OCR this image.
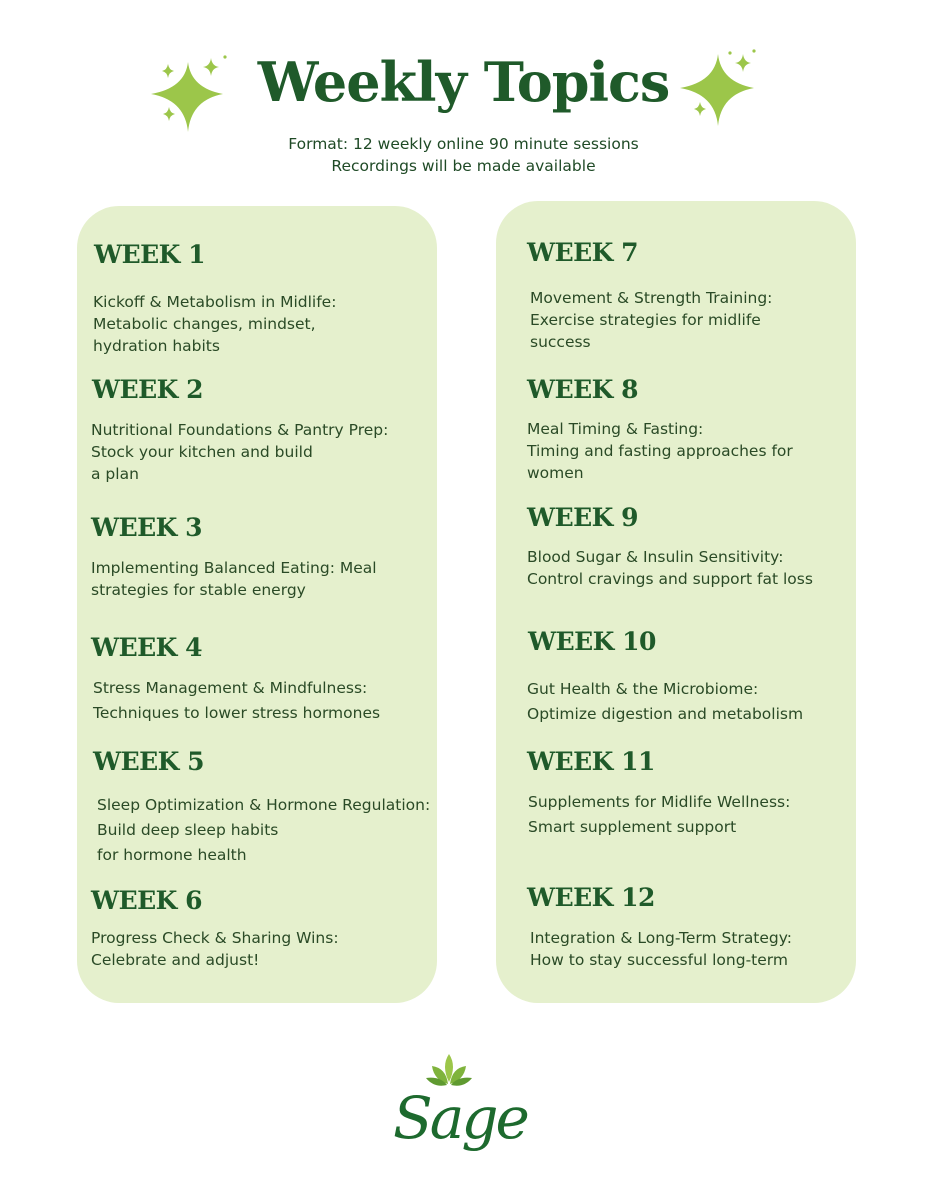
Weekly Topics
Format: 12 weekly online 90 minute sessions
Recordings will be made available
WEEK 1
Kickoff & Metabolism in Midlife:
Metabolic changes, mindset,
hydration habits
WEEK 2
Nutritional Foundations & Pantry Prep:
Stock your kitchen and build
a plan
WEEK 3
Implementing Balanced Eating: Meal
strategies for stable energy
WEEK 4
Stress Management & Mindfulness:
Techniques to lower stress hormones
WEEK 5
Sleep Optimization & Hormone Regulation:
Build deep sleep habits
for hormone health
WEEK 6
Progress Check & Sharing Wins:
Celebrate and adjust!
WEEK 7
Movement & Strength Training:
Exercise strategies for midlife
success
WEEK 8
Meal Timing & Fasting:
Timing and fasting approaches for
women
WEEK 9
Blood Sugar & Insulin Sensitivity:
Control cravings and support fat loss
WEEK 10
Gut Health & the Microbiome:
Optimize digestion and metabolism
WEEK 11
Supplements for Midlife Wellness:
Smart supplement support
WEEK 12
Integration & Long-Term Strategy:
How to stay successful long-term
Sage
